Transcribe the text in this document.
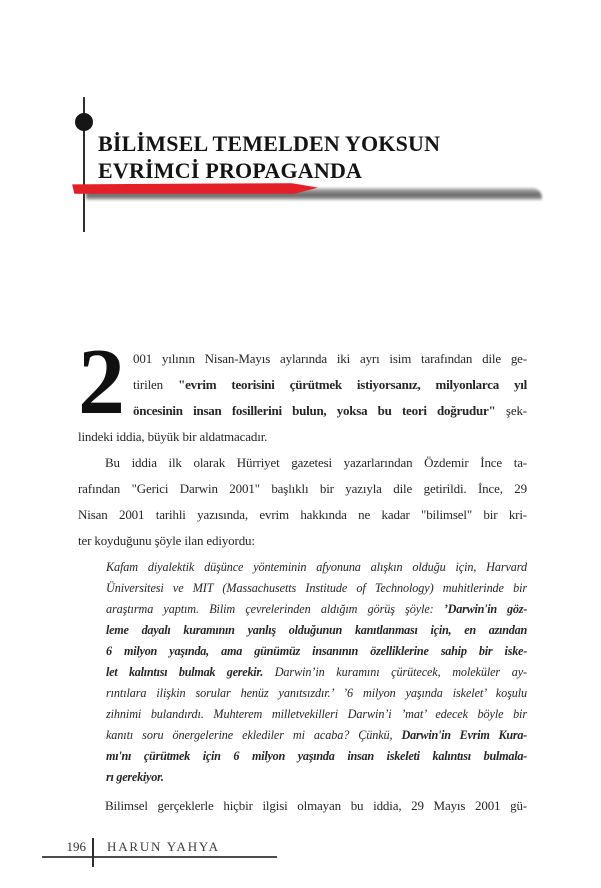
BİLİMSEL TEMELDEN YOKSUN
EVRİMCİ PROPAGANDA
2 001 yılının Nisan-Mayıs aylarında iki ayrı isim tarafından dile ge-
tirilen "evrim teorisini çürütmek istiyorsanız, milyonlarca yıl
öncesinin insan fosillerini bulun, yoksa bu teori doğrudur" şek-
lindeki iddia, büyük bir aldatmacadır.
Bu iddia ilk olarak Hürriyet gazetesi yazarlarından Özdemir İnce ta-
rafından "Gerici Darwin 2001" başlıklı bir yazıyla dile getirildi. İnce, 29
Nisan 2001 tarihli yazısında, evrim hakkında ne kadar "bilimsel" bir kri-
ter koyduğunu şöyle ilan ediyordu:
Kafam diyalektik düşünce yönteminin afyonuna alışkın olduğu için, Harvard
Üniversitesi ve MIT (Massachusetts Institude of Technology) muhitlerinde bir
araştırma yaptım. Bilim çevrelerinden aldığım görüş şöyle: ’Darwin'in göz-
leme dayalı kuramının yanlış olduğunun kanıtlanması için, en azından
6 milyon yaşında, ama günümüz insanının özelliklerine sahip bir iske-
let kalıntısı bulmak gerekir. Darwin’in kuramını çürütecek, moleküler ay-
rıntılara ilişkin sorular henüz yanıtsızdır.’ ’6 milyon yaşında iskelet’ koşulu
zihnimi bulandırdı. Muhterem milletvekilleri Darwin’i ’mat’ edecek böyle bir
kanıtı soru önergelerine eklediler mi acaba? Çünkü, Darwin'in Evrim Kura-
mı'nı çürütmek için 6 milyon yaşında insan iskeleti kalıntısı bulmala-
rı gerekiyor.
Bilimsel gerçeklerle hiçbir ilgisi olmayan bu iddia, 29 Mayıs 2001 gü-
196 HARUN YAHYA
